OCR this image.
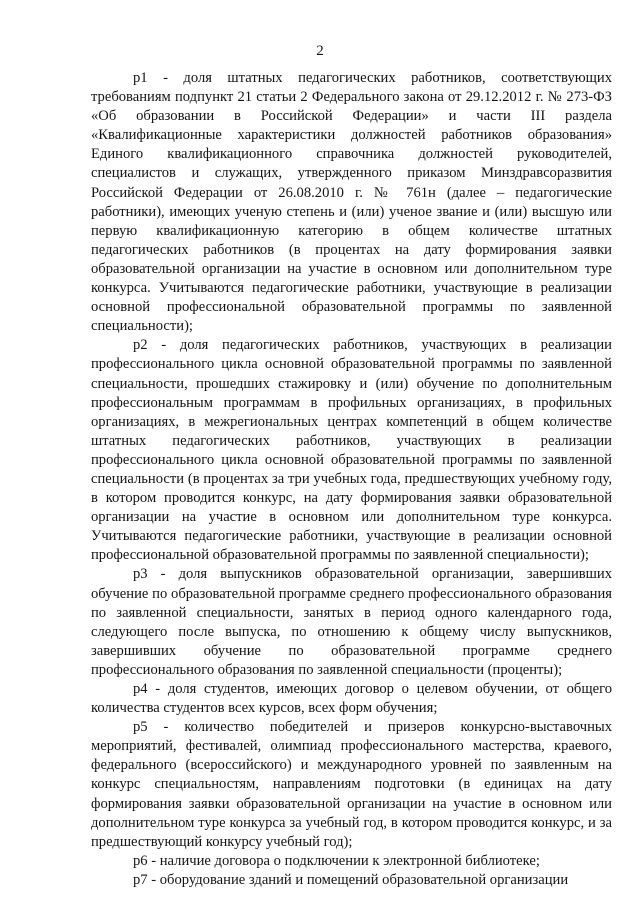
2

р1 - доля штатных педагогических работников, соответствующих требованиям подпункт 21 статьи 2 Федерального закона от 29.12.2012 г. № 273-ФЗ «Об образовании в Российской Федерации» и части III раздела «Квалификационные характеристики должностей работников образования» Единого квалификационного справочника должностей руководителей, специалистов и служащих, утвержденного приказом Минздравсоразвития Российской Федерации от 26.08.2010 г. № 761н (далее – педагогические работники), имеющих ученую степень и (или) ученое звание и (или) высшую или первую квалификационную категорию в общем количестве штатных педагогических работников (в процентах на дату формирования заявки образовательной организации на участие в основном или дополнительном туре конкурса. Учитываются педагогические работники, участвующие в реализации основной профессиональной образовательной программы по заявленной специальности);

р2 - доля педагогических работников, участвующих в реализации профессионального цикла основной образовательной программы по заявленной специальности, прошедших стажировку и (или) обучение по дополнительным профессиональным программам в профильных организациях, в профильных организациях, в межрегиональных центрах компетенций в общем количестве штатных педагогических работников, участвующих в реализации профессионального цикла основной образовательной программы по заявленной специальности (в процентах за три учебных года, предшествующих учебному году, в котором проводится конкурс, на дату формирования заявки образовательной организации на участие в основном или дополнительном туре конкурса. Учитываются педагогические работники, участвующие в реализации основной профессиональной образовательной программы по заявленной специальности);

р3 - доля выпускников образовательной организации, завершивших обучение по образовательной программе среднего профессионального образования по заявленной специальности, занятых в период одного календарного года, следующего после выпуска, по отношению к общему числу выпускников, завершивших обучение по образовательной программе среднего профессионального образования по заявленной специальности (проценты);

р4 - доля студентов, имеющих договор о целевом обучении, от общего количества студентов всех курсов, всех форм обучения;

р5 - количество победителей и призеров конкурсно-выставочных мероприятий, фестивалей, олимпиад профессионального мастерства, краевого, федерального (всероссийского) и международного уровней по заявленным на конкурс специальностям, направлениям подготовки (в единицах на дату формирования заявки образовательной организации на участие в основном или дополнительном туре конкурса за учебный год, в котором проводится конкурс, и за предшествующий конкурсу учебный год);

р6 - наличие договора о подключении к электронной библиотеке;

р7 - оборудование зданий и помещений образовательной организации
